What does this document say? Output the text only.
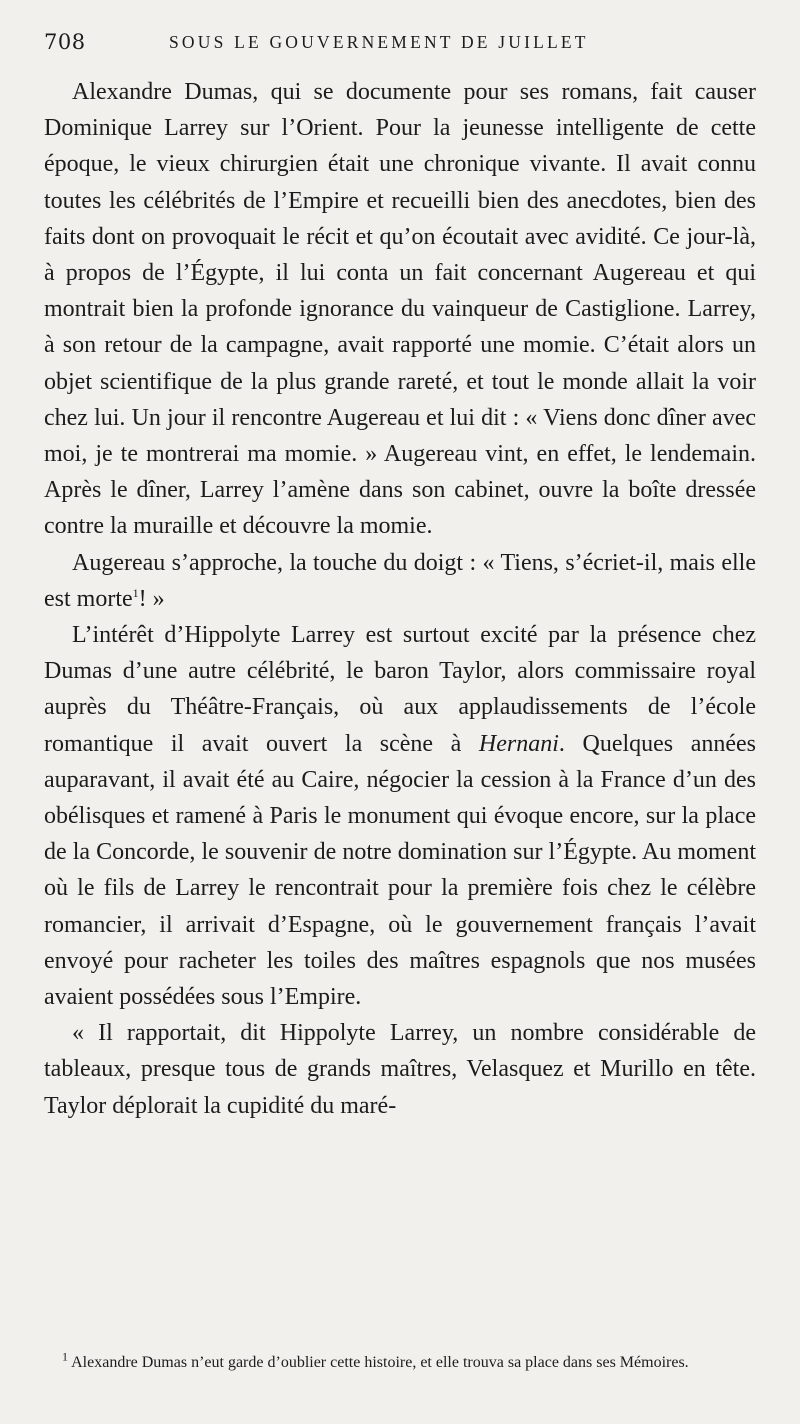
708	SOUS LE GOUVERNEMENT DE JUILLET

Alexandre Dumas, qui se documente pour ses romans, fait causer Dominique Larrey sur l’Orient. Pour la jeunesse intelligente de cette époque, le vieux chirurgien était une chronique vivante. Il avait connu toutes les célébrités de l’Empire et recueilli bien des anecdotes, bien des faits dont on provoquait le récit et qu’on écoutait avec avidité. Ce jour-là, à propos de l’Égypte, il lui conta un fait concernant Augereau et qui montrait bien la profonde ignorance du vainqueur de Castiglione. Larrey, à son retour de la campagne, avait rapporté une momie. C’était alors un objet scientifique de la plus grande rareté, et tout le monde allait la voir chez lui. Un jour il rencontre Augereau et lui dit : « Viens donc dîner avec moi, je te montrerai ma momie. » Augereau vint, en effet, le lendemain. Après le dîner, Larrey l’amène dans son cabinet, ouvre la boîte dressée contre la muraille et découvre la momie.

Augereau s’approche, la touche du doigt : « Tiens, s’écriet-il, mais elle est morte$^1$! »

L’intérêt d’Hippolyte Larrey est surtout excité par la présence chez Dumas d’une autre célébrité, le baron Taylor, alors commissaire royal auprès du Théâtre-Français, où aux applaudissements de l’école romantique il avait ouvert la scène à Hernani. Quelques années auparavant, il avait été au Caire, négocier la cession à la France d’un des obélisques et ramené à Paris le monument qui évoque encore, sur la place de la Concorde, le souvenir de notre domination sur l’Égypte. Au moment où le fils de Larrey le rencontrait pour la première fois chez le célèbre romancier, il arrivait d’Espagne, où le gouvernement français l’avait envoyé pour racheter les toiles des maîtres espagnols que nos musées avaient possédées sous l’Empire.

« Il rapportait, dit Hippolyte Larrey, un nombre considérable de tableaux, presque tous de grands maîtres, Velasquez et Murillo en tête. Taylor déplorait la cupidité du maré-

$^1$ Alexandre Dumas n’eut garde d’oublier cette histoire, et elle trouva sa place dans ses Mémoires.
